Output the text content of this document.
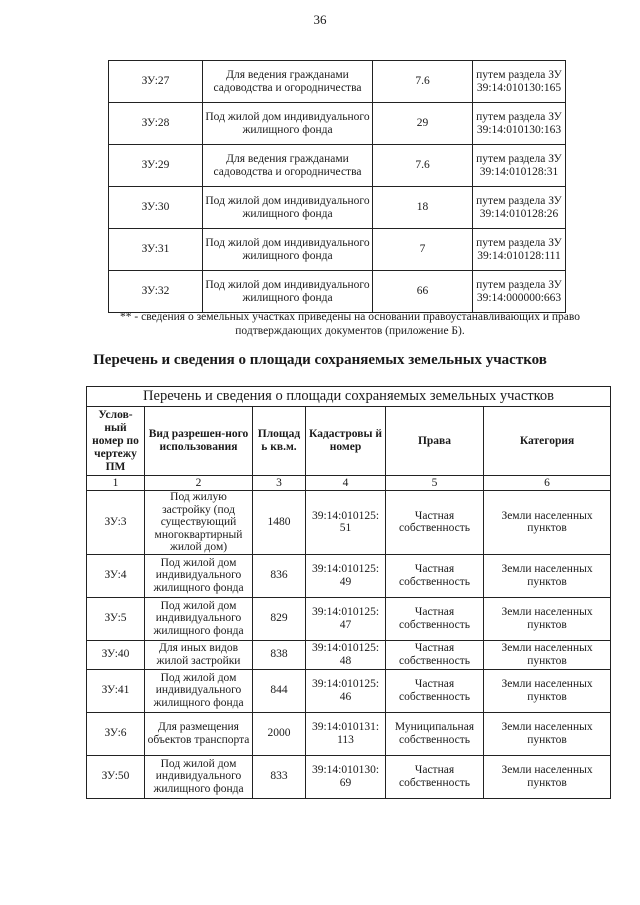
36
ЗУ:27	Для ведения гражданами садоводства и огородничества	7.6	путем раздела ЗУ 39:14:010130:165
ЗУ:28	Под жилой дом индивидуального жилищного фонда	29	путем раздела ЗУ 39:14:010130:163
ЗУ:29	Для ведения гражданами садоводства и огородничества	7.6	путем раздела ЗУ 39:14:010128:31
ЗУ:30	Под жилой дом индивидуального жилищного фонда	18	путем раздела ЗУ 39:14:010128:26
ЗУ:31	Под жилой дом индивидуального жилищного фонда	7	путем раздела ЗУ 39:14:010128:111
ЗУ:32	Под жилой дом индивидуального жилищного фонда	66	путем раздела ЗУ 39:14:000000:663
** - сведения о земельных участках приведены на основании правоустанавливающих и право подтверждающих документов (приложение Б).
Перечень и сведения о площади сохраняемых земельных участков
Перечень и сведения о площади сохраняемых земельных участков					
Услов-ный номер по чертежу ПМ	Вид разрешен-ного использования	Площад ь кв.м.	Кадастровы й номер	Права	Категория
1	2	3	4	5	6
ЗУ:3	Под жилую застройку (под существующий многоквартирный жилой дом)	1480	39:14:010125: 51	Частная собственность	Земли населенных пунктов
ЗУ:4	Под жилой дом индивидуального жилищного фонда	836	39:14:010125: 49	Частная собственность	Земли населенных пунктов
ЗУ:5	Под жилой дом индивидуального жилищного фонда	829	39:14:010125: 47	Частная собственность	Земли населенных пунктов
ЗУ:40	Для иных видов жилой застройки	838	39:14:010125: 48	Частная собственность	Земли населенных пунктов
ЗУ:41	Под жилой дом индивидуального жилищного фонда	844	39:14:010125: 46	Частная собственность	Земли населенных пунктов
ЗУ:6	Для размещения объектов транспорта	2000	39:14:010131: 113	Муниципальная собственность	Земли населенных пунктов
ЗУ:50	Под жилой дом индивидуального жилищного фонда	833	39:14:010130: 69	Частная собственность	Земли населенных пунктов
